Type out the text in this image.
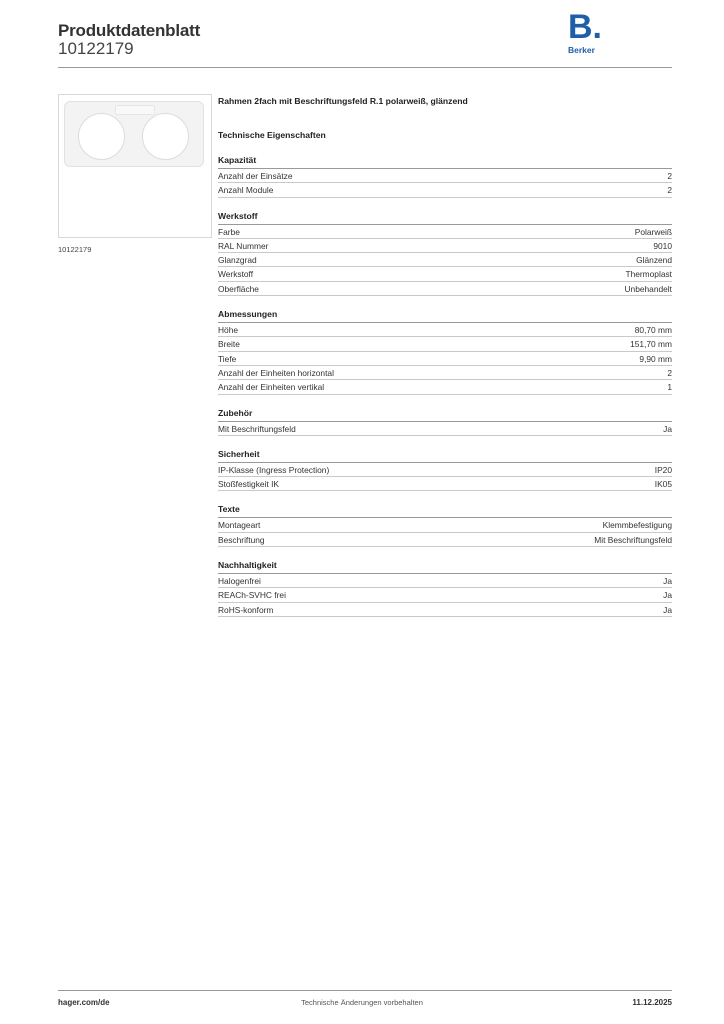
Produktdatenblatt
10122179
B.
Berker
10122179
Rahmen 2fach mit Beschriftungsfeld R.1 polarweiß, glänzend
Technische Eigenschaften
Kapazität
Anzahl der Einsätze	2
Anzahl Module	2
Werkstoff
Farbe	Polarweiß
RAL Nummer	9010
Glanzgrad	Glänzend
Werkstoff	Thermoplast
Oberfläche	Unbehandelt
Abmessungen
Höhe	80,70 mm
Breite	151,70 mm
Tiefe	9,90 mm
Anzahl der Einheiten horizontal	2
Anzahl der Einheiten vertikal	1
Zubehör
Mit Beschriftungsfeld	Ja
Sicherheit
IP-Klasse (Ingress Protection)	IP20
Stoßfestigkeit IK	IK05
Texte
Montageart	Klemmbefestigung
Beschriftung	Mit Beschriftungsfeld
Nachhaltigkeit
Halogenfrei	Ja
REACh-SVHC frei	Ja
RoHS-konform	Ja
hager.com/de	Technische Änderungen vorbehalten	11.12.2025
